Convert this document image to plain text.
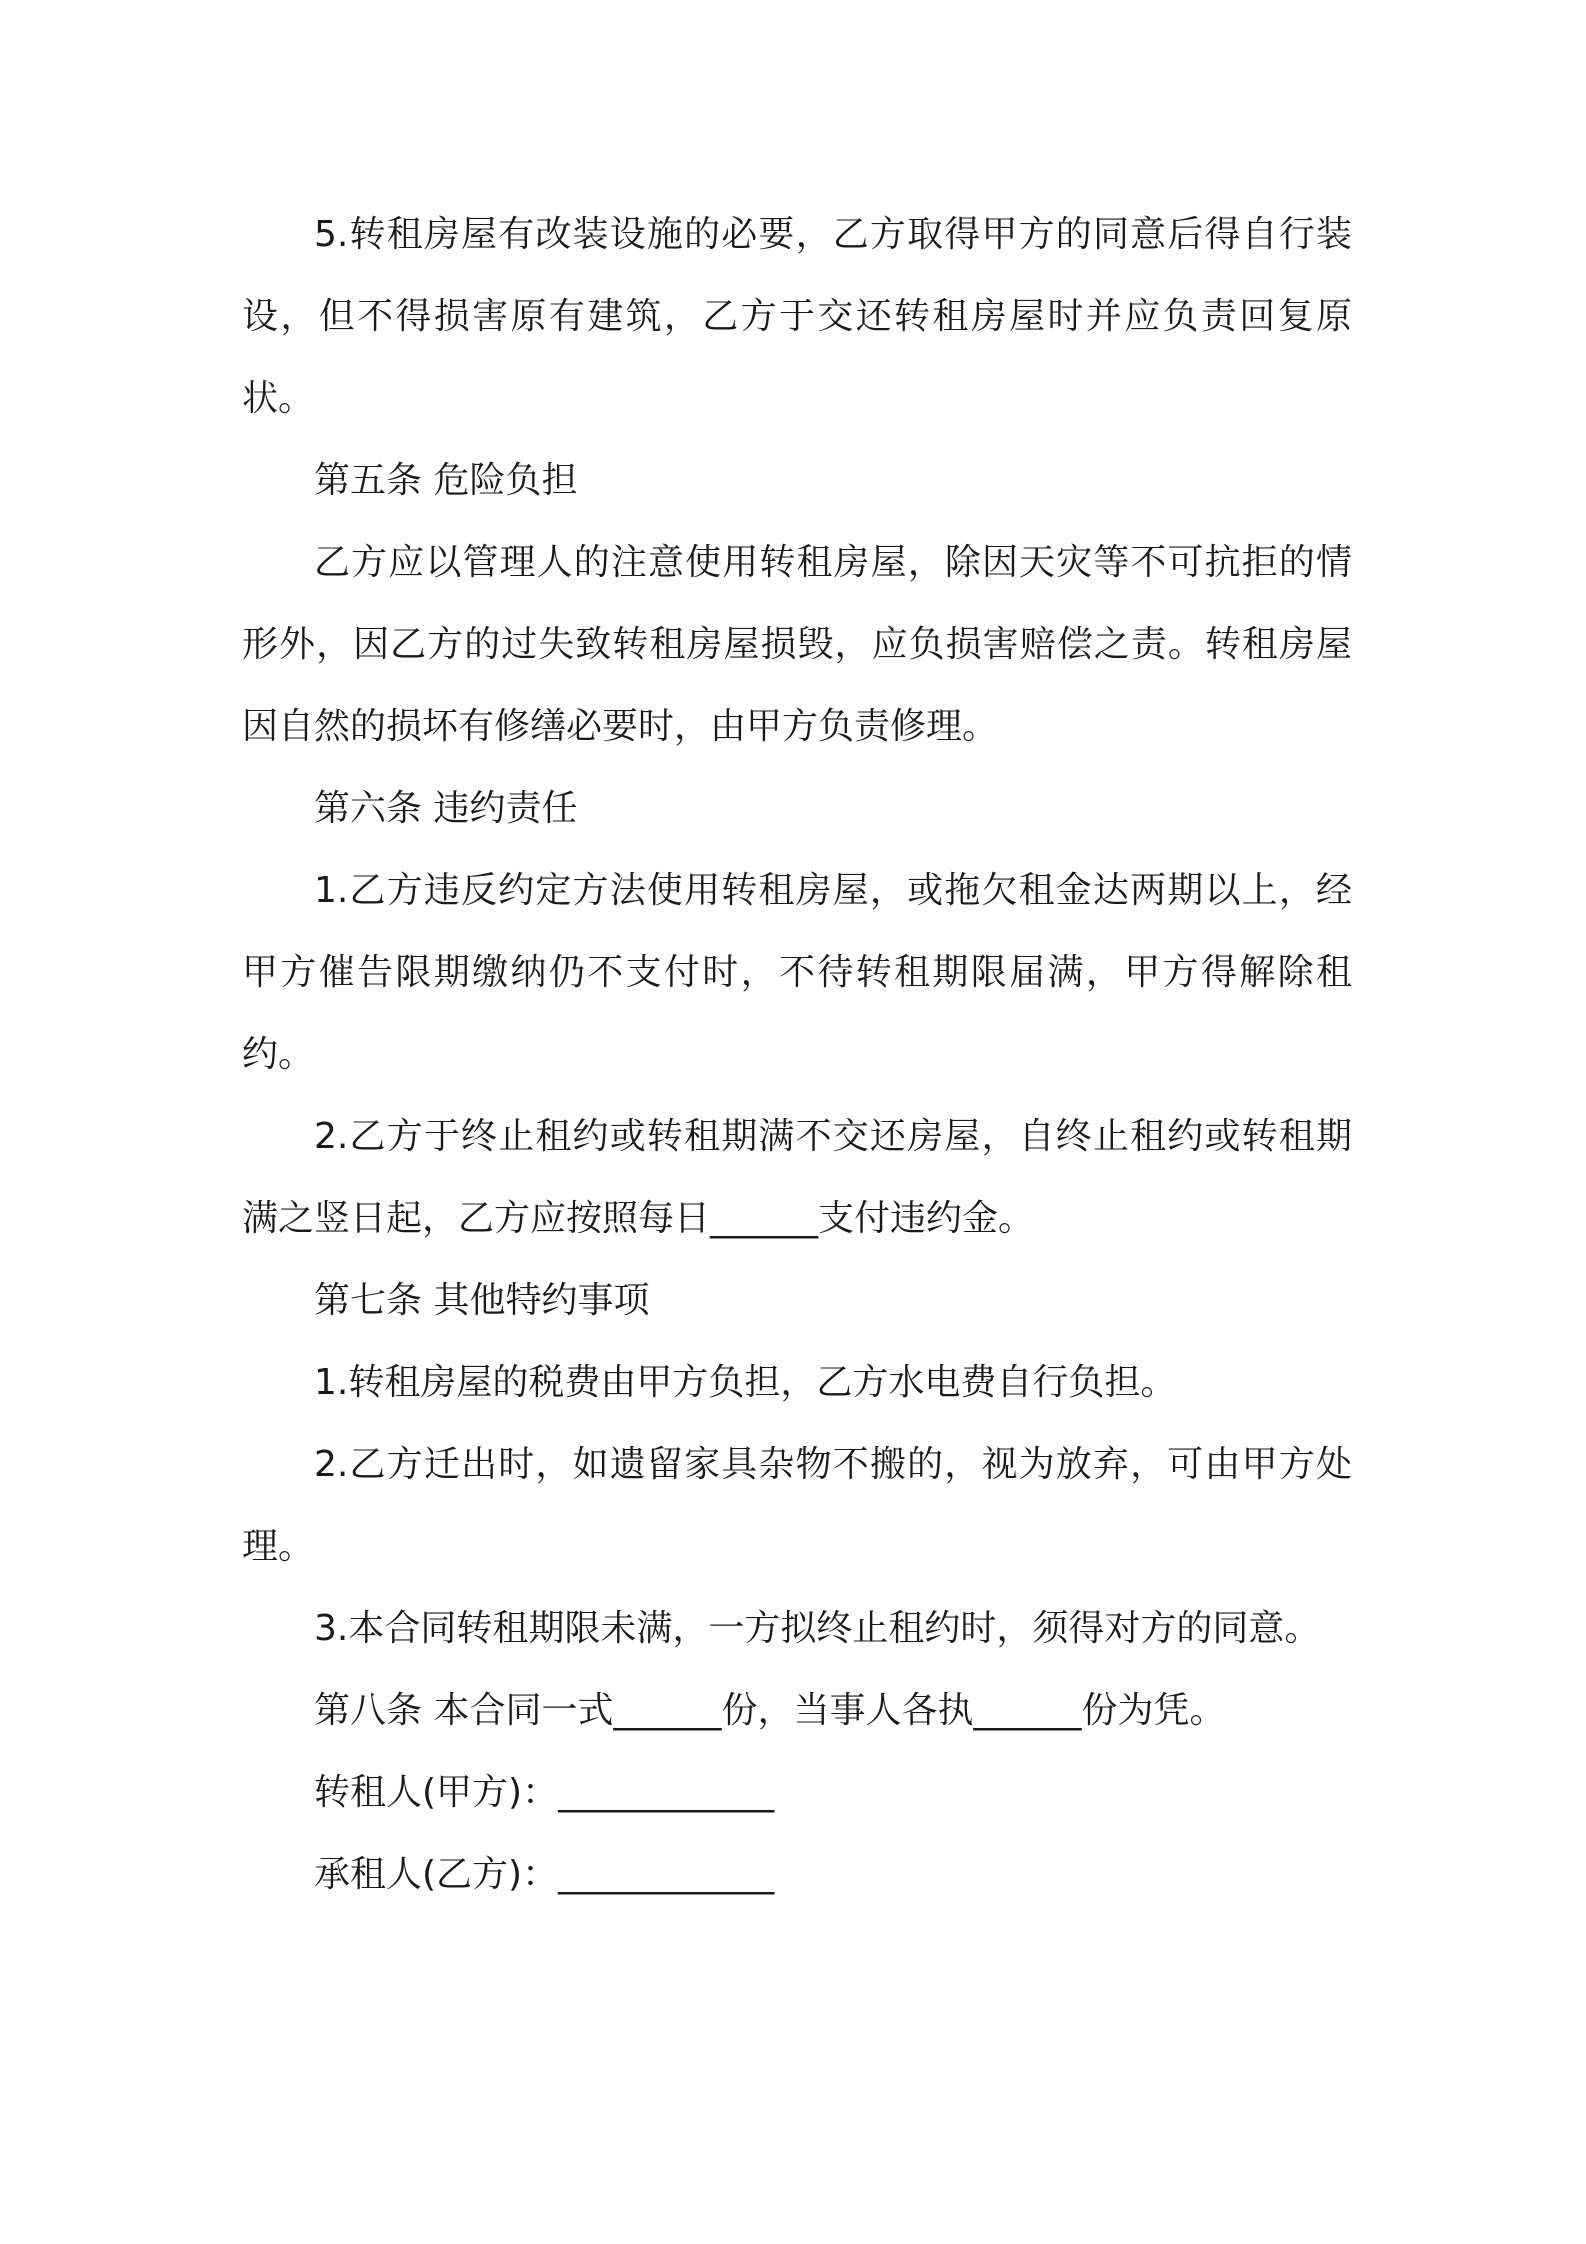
5.转租房屋有改装设施的必要，乙方取得甲方的同意后得自行装设，但不得损害原有建筑，乙方于交还转租房屋时并应负责回复原状。

第五条 危险负担

乙方应以管理人的注意使用转租房屋，除因天灾等不可抗拒的情形外，因乙方的过失致转租房屋损毁，应负损害赔偿之责。转租房屋因自然的损坏有修缮必要时，由甲方负责修理。

第六条 违约责任

1.乙方违反约定方法使用转租房屋，或拖欠租金达两期以上，经甲方催告限期缴纳仍不支付时，不待转租期限届满，甲方得解除租约。

2.乙方于终止租约或转租期满不交还房屋，自终止租约或转租期满之竖日起，乙方应按照每日______支付违约金。

第七条 其他特约事项

1.转租房屋的税费由甲方负担，乙方水电费自行负担。

2.乙方迁出时，如遗留家具杂物不搬的，视为放弃，可由甲方处理。

3.本合同转租期限未满，一方拟终止租约时，须得对方的同意。

第八条 本合同一式______份，当事人各执______份为凭。

转租人(甲方)：____________

承租人(乙方)：____________
